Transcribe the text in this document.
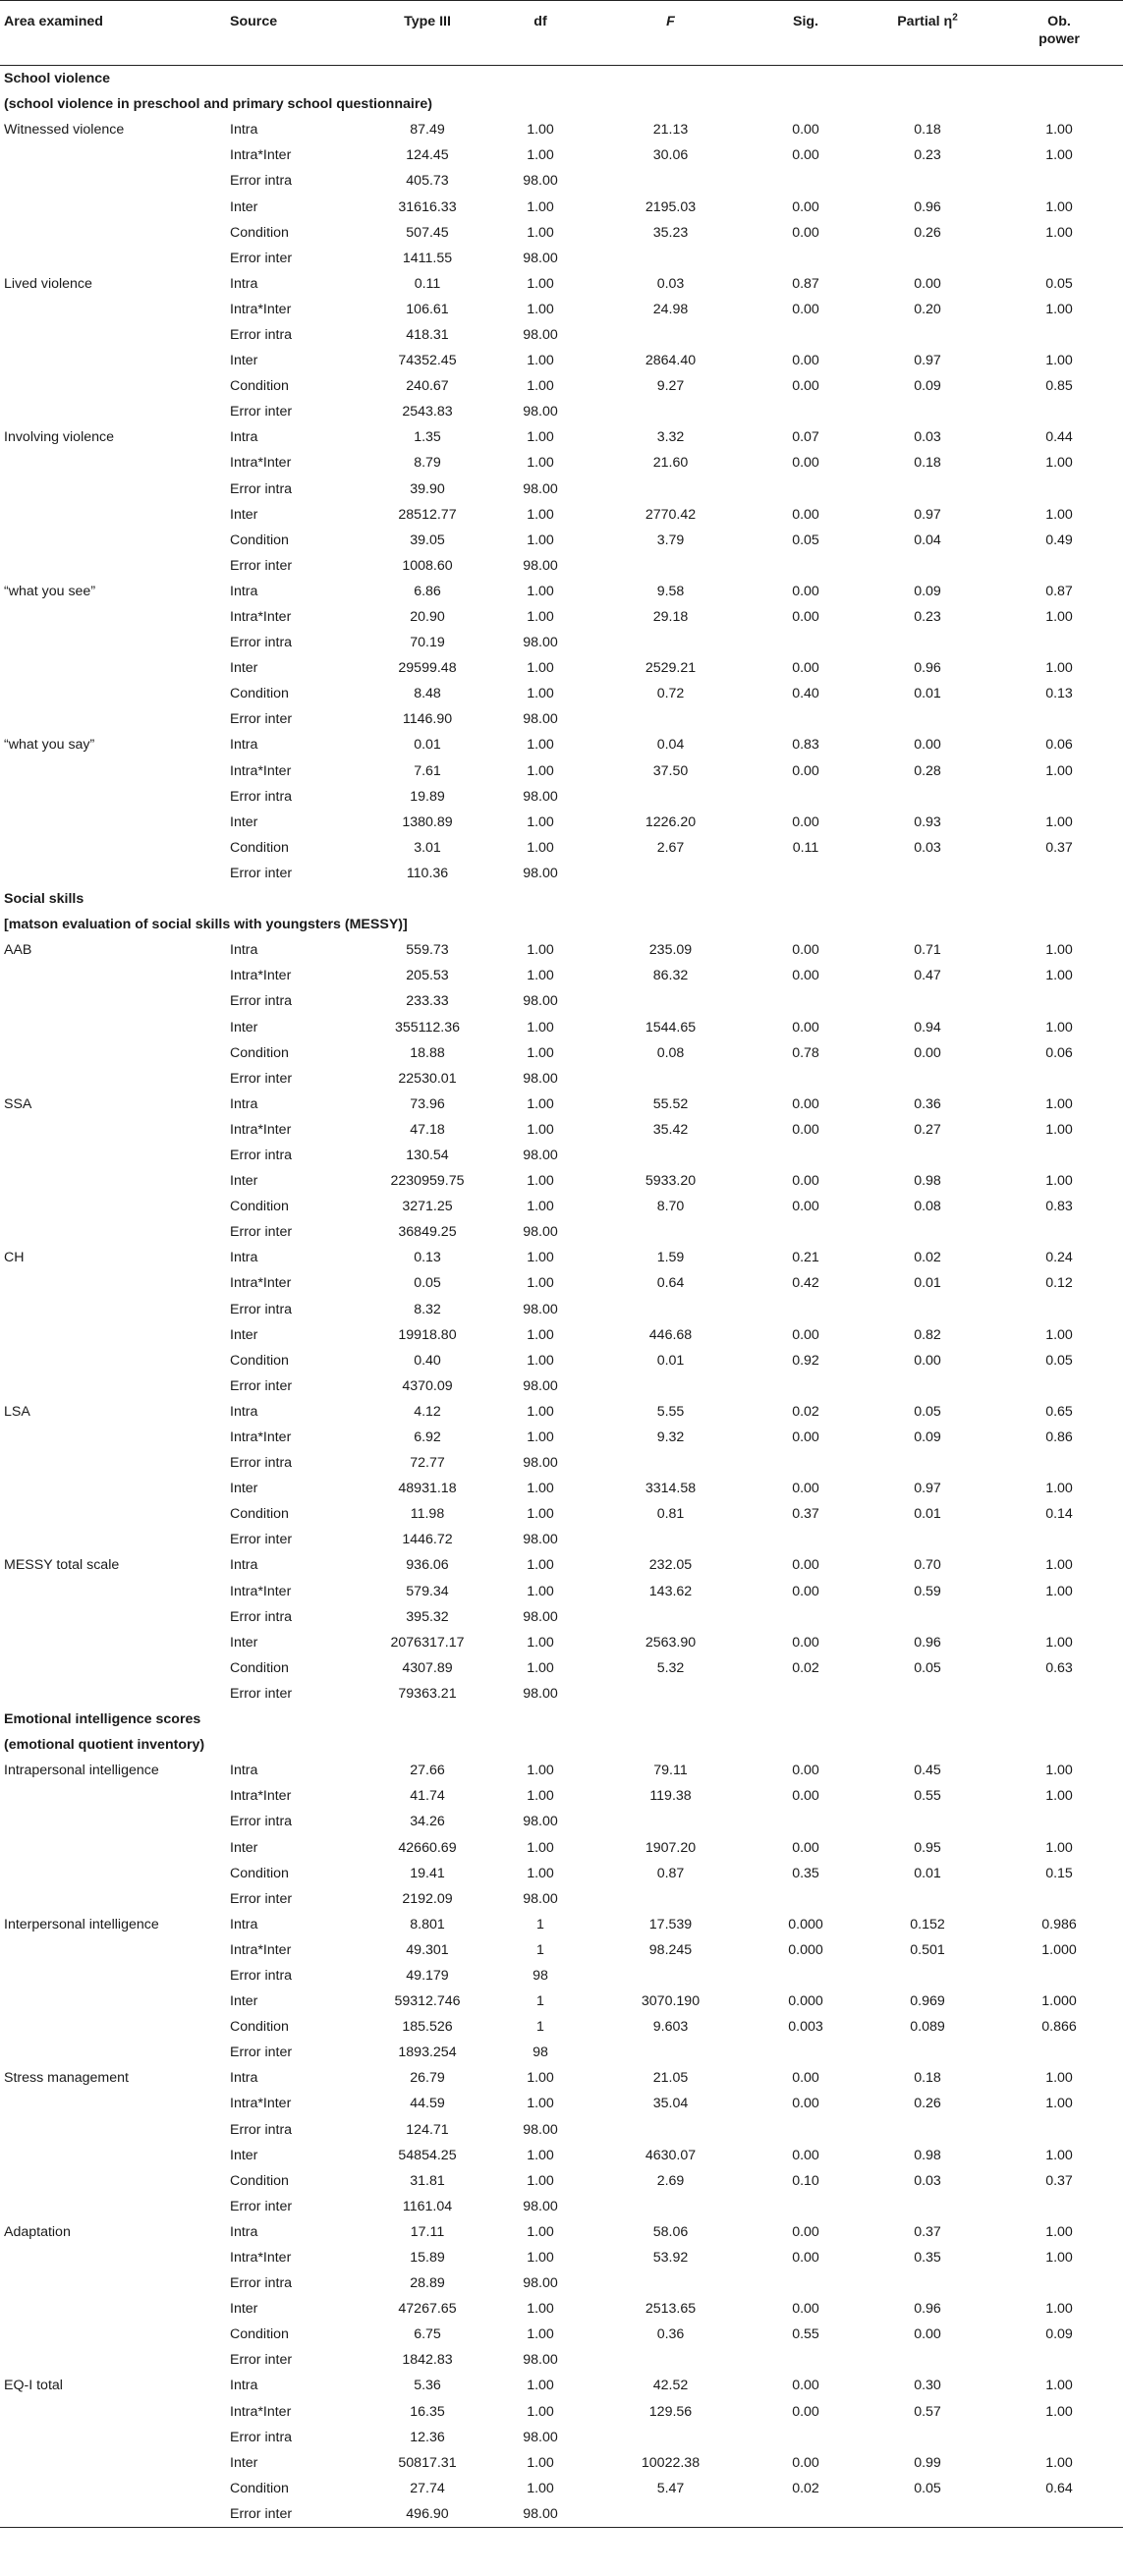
Area examined	Source	Type III	df	F	Sig.	Partial $\eta^2$	Ob.
power
School violence							
(school violence in preschool and primary school questionnaire)							
Witnessed violence	Intra	87.49	1.00	21.13	0.00	0.18	1.00
	Intra*Inter	124.45	1.00	30.06	0.00	0.23	1.00
	Error intra	405.73	98.00				
	Inter	31616.33	1.00	2195.03	0.00	0.96	1.00
	Condition	507.45	1.00	35.23	0.00	0.26	1.00
	Error inter	1411.55	98.00				
Lived violence	Intra	0.11	1.00	0.03	0.87	0.00	0.05
	Intra*Inter	106.61	1.00	24.98	0.00	0.20	1.00
	Error intra	418.31	98.00				
	Inter	74352.45	1.00	2864.40	0.00	0.97	1.00
	Condition	240.67	1.00	9.27	0.00	0.09	0.85
	Error inter	2543.83	98.00				
Involving violence	Intra	1.35	1.00	3.32	0.07	0.03	0.44
	Intra*Inter	8.79	1.00	21.60	0.00	0.18	1.00
	Error intra	39.90	98.00				
	Inter	28512.77	1.00	2770.42	0.00	0.97	1.00
	Condition	39.05	1.00	3.79	0.05	0.04	0.49
	Error inter	1008.60	98.00				
“what you see”	Intra	6.86	1.00	9.58	0.00	0.09	0.87
	Intra*Inter	20.90	1.00	29.18	0.00	0.23	1.00
	Error intra	70.19	98.00				
	Inter	29599.48	1.00	2529.21	0.00	0.96	1.00
	Condition	8.48	1.00	0.72	0.40	0.01	0.13
	Error inter	1146.90	98.00				
“what you say”	Intra	0.01	1.00	0.04	0.83	0.00	0.06
	Intra*Inter	7.61	1.00	37.50	0.00	0.28	1.00
	Error intra	19.89	98.00				
	Inter	1380.89	1.00	1226.20	0.00	0.93	1.00
	Condition	3.01	1.00	2.67	0.11	0.03	0.37
	Error inter	110.36	98.00				
Social skills							
[matson evaluation of social skills with youngsters (MESSY)]							
AAB	Intra	559.73	1.00	235.09	0.00	0.71	1.00
	Intra*Inter	205.53	1.00	86.32	0.00	0.47	1.00
	Error intra	233.33	98.00				
	Inter	355112.36	1.00	1544.65	0.00	0.94	1.00
	Condition	18.88	1.00	0.08	0.78	0.00	0.06
	Error inter	22530.01	98.00				
SSA	Intra	73.96	1.00	55.52	0.00	0.36	1.00
	Intra*Inter	47.18	1.00	35.42	0.00	0.27	1.00
	Error intra	130.54	98.00				
	Inter	2230959.75	1.00	5933.20	0.00	0.98	1.00
	Condition	3271.25	1.00	8.70	0.00	0.08	0.83
	Error inter	36849.25	98.00				
CH	Intra	0.13	1.00	1.59	0.21	0.02	0.24
	Intra*Inter	0.05	1.00	0.64	0.42	0.01	0.12
	Error intra	8.32	98.00				
	Inter	19918.80	1.00	446.68	0.00	0.82	1.00
	Condition	0.40	1.00	0.01	0.92	0.00	0.05
	Error inter	4370.09	98.00				
LSA	Intra	4.12	1.00	5.55	0.02	0.05	0.65
	Intra*Inter	6.92	1.00	9.32	0.00	0.09	0.86
	Error intra	72.77	98.00				
	Inter	48931.18	1.00	3314.58	0.00	0.97	1.00
	Condition	11.98	1.00	0.81	0.37	0.01	0.14
	Error inter	1446.72	98.00				
MESSY total scale	Intra	936.06	1.00	232.05	0.00	0.70	1.00
	Intra*Inter	579.34	1.00	143.62	0.00	0.59	1.00
	Error intra	395.32	98.00				
	Inter	2076317.17	1.00	2563.90	0.00	0.96	1.00
	Condition	4307.89	1.00	5.32	0.02	0.05	0.63
	Error inter	79363.21	98.00				
Emotional intelligence scores							
(emotional quotient inventory)							
Intrapersonal intelligence	Intra	27.66	1.00	79.11	0.00	0.45	1.00
	Intra*Inter	41.74	1.00	119.38	0.00	0.55	1.00
	Error intra	34.26	98.00				
	Inter	42660.69	1.00	1907.20	0.00	0.95	1.00
	Condition	19.41	1.00	0.87	0.35	0.01	0.15
	Error inter	2192.09	98.00				
Interpersonal intelligence	Intra	8.801	1	17.539	0.000	0.152	0.986
	Intra*Inter	49.301	1	98.245	0.000	0.501	1.000
	Error intra	49.179	98				
	Inter	59312.746	1	3070.190	0.000	0.969	1.000
	Condition	185.526	1	9.603	0.003	0.089	0.866
	Error inter	1893.254	98				
Stress management	Intra	26.79	1.00	21.05	0.00	0.18	1.00
	Intra*Inter	44.59	1.00	35.04	0.00	0.26	1.00
	Error intra	124.71	98.00				
	Inter	54854.25	1.00	4630.07	0.00	0.98	1.00
	Condition	31.81	1.00	2.69	0.10	0.03	0.37
	Error inter	1161.04	98.00				
Adaptation	Intra	17.11	1.00	58.06	0.00	0.37	1.00
	Intra*Inter	15.89	1.00	53.92	0.00	0.35	1.00
	Error intra	28.89	98.00				
	Inter	47267.65	1.00	2513.65	0.00	0.96	1.00
	Condition	6.75	1.00	0.36	0.55	0.00	0.09
	Error inter	1842.83	98.00				
EQ-I total	Intra	5.36	1.00	42.52	0.00	0.30	1.00
	Intra*Inter	16.35	1.00	129.56	0.00	0.57	1.00
	Error intra	12.36	98.00				
	Inter	50817.31	1.00	10022.38	0.00	0.99	1.00
	Condition	27.74	1.00	5.47	0.02	0.05	0.64
	Error inter	496.90	98.00				
